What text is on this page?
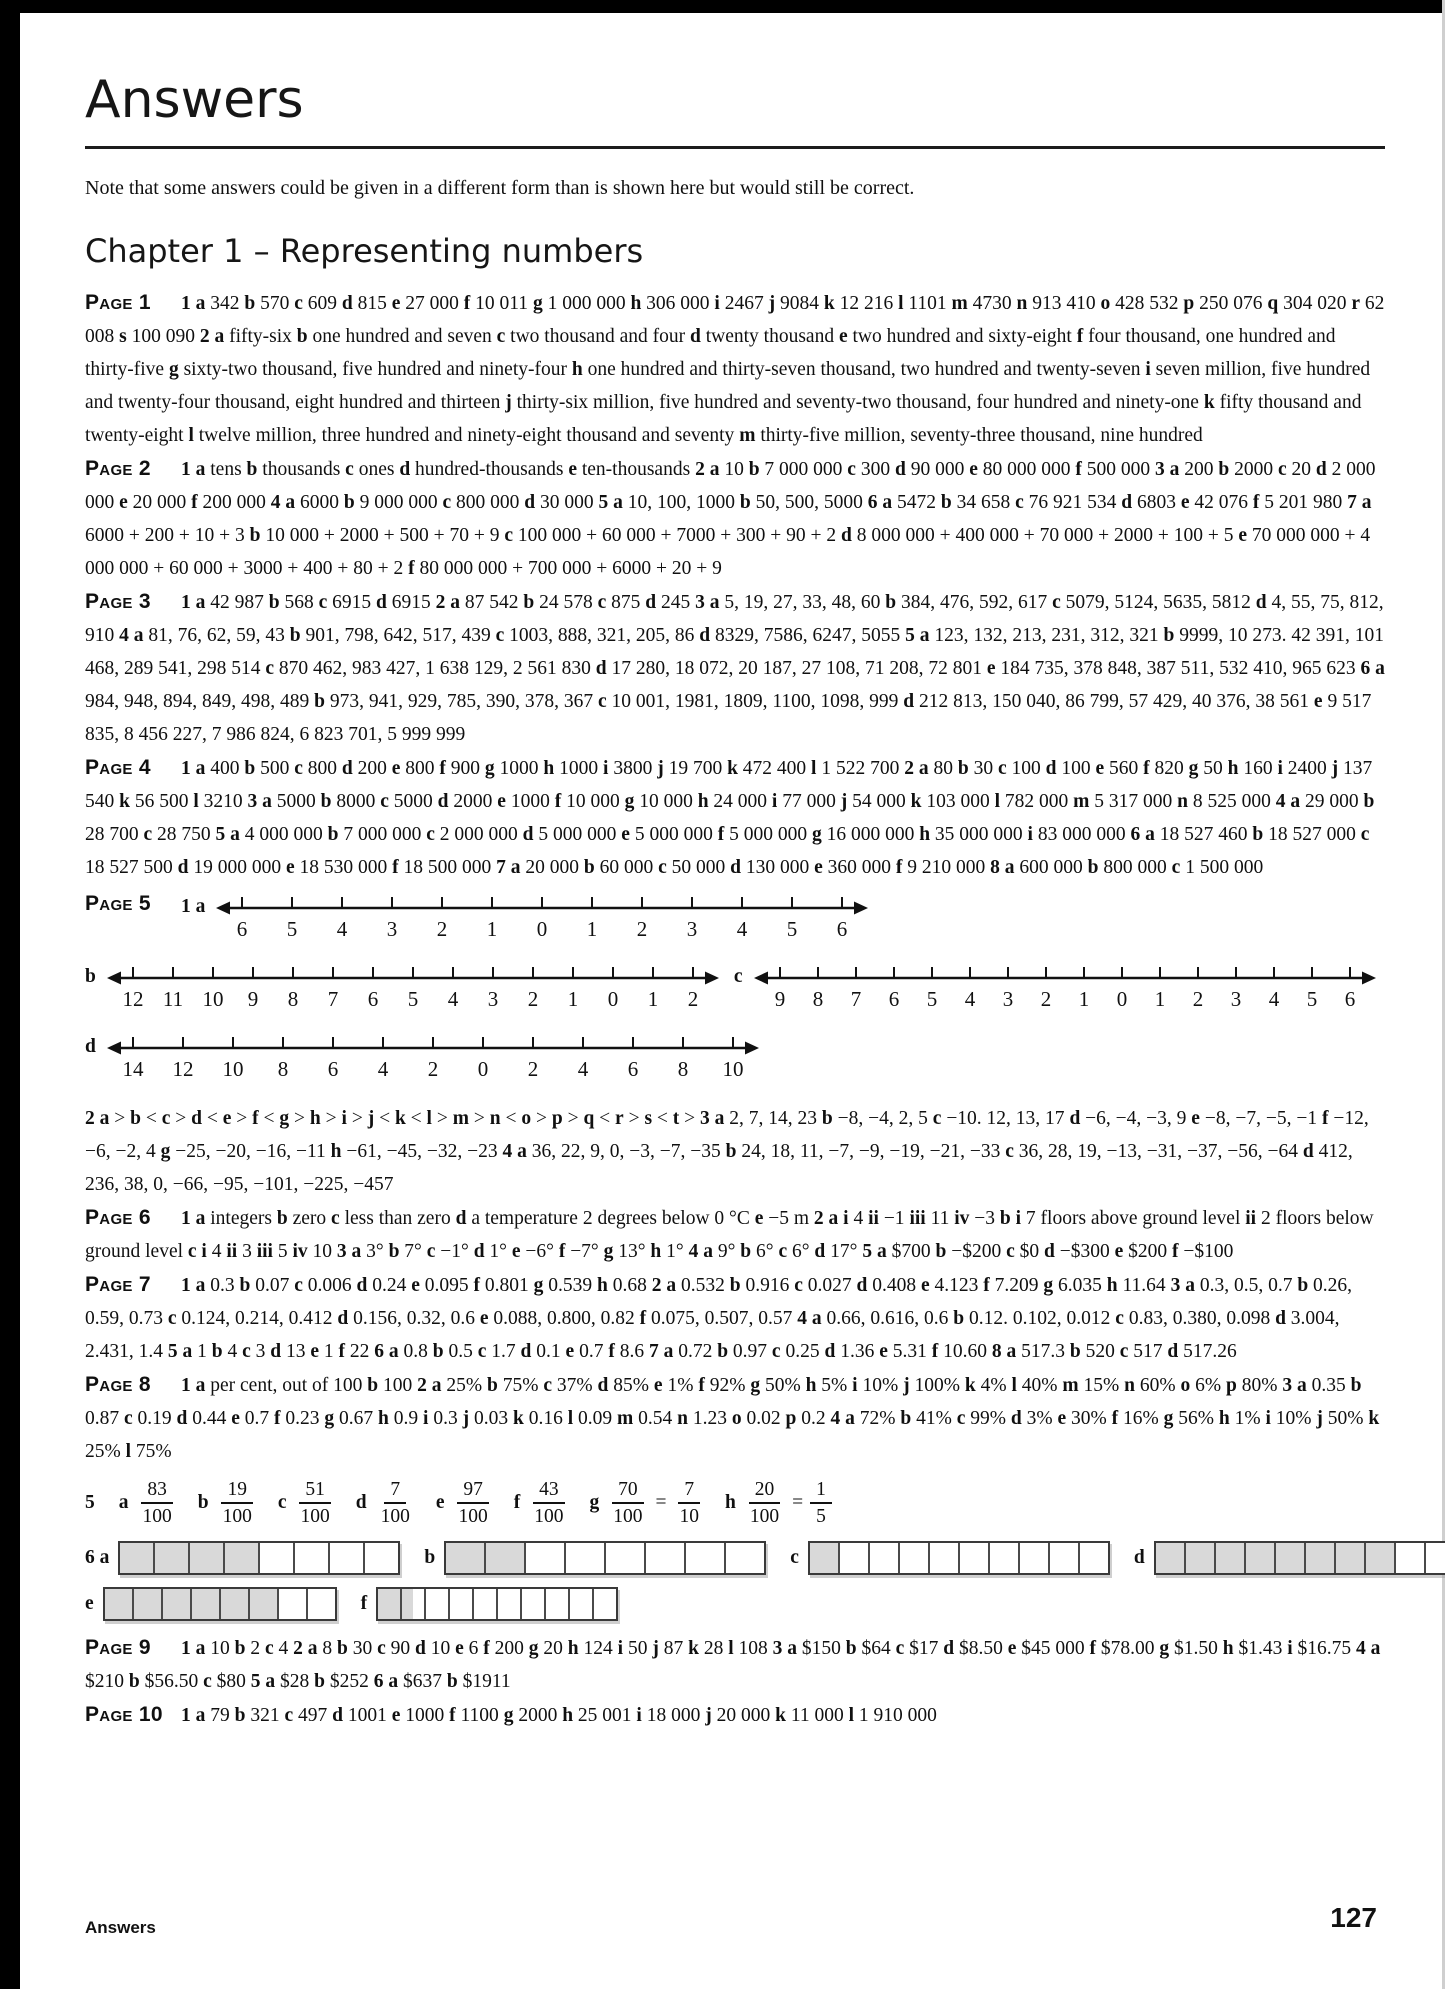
Answers

Note that some answers could be given in a different form than is shown here but would still be correct.

Chapter 1 – Representing numbers

Page 1 1 a 342 b 570 c 609 d 815 e 27 000 f 10 011 g 1 000 000 h 306 000 i 2467 j 9084 k 12 216 l 1101 m 4730 n 913 410 o 428 532 p 250 076 q 304 020 r 62 008 s 100 090 2 a fifty-six b one hundred and seven c two thousand and four d twenty thousand e two hundred and sixty-eight f four thousand, one hundred and thirty-five g sixty-two thousand, five hundred and ninety-four h one hundred and thirty-seven thousand, two hundred and twenty-seven i seven million, five hundred and twenty-four thousand, eight hundred and thirteen j thirty-six million, five hundred and seventy-two thousand, four hundred and ninety-one k fifty thousand and twenty-eight l twelve million, three hundred and ninety-eight thousand and seventy m thirty-five million, seventy-three thousand, nine hundred

Page 2 1 a tens b thousands c ones d hundred-thousands e ten-thousands 2 a 10 b 7 000 000 c 300 d 90 000 e 80 000 000 f 500 000 3 a 200 b 2000 c 20 d 2 000 000 e 20 000 f 200 000 4 a 6000 b 9 000 000 c 800 000 d 30 000 5 a 10, 100, 1000 b 50, 500, 5000 6 a 5472 b 34 658 c 76 921 534 d 6803 e 42 076 f 5 201 980 7 a 6000 + 200 + 10 + 3 b 10 000 + 2000 + 500 + 70 + 9 c 100 000 + 60 000 + 7000 + 300 + 90 + 2 d 8 000 000 + 400 000 + 70 000 + 2000 + 100 + 5 e 70 000 000 + 4 000 000 + 60 000 + 3000 + 400 + 80 + 2 f 80 000 000 + 700 000 + 6000 + 20 + 9

Page 3 1 a 42 987 b 568 c 6915 d 6915 2 a 87 542 b 24 578 c 875 d 245 3 a 5, 19, 27, 33, 48, 60 b 384, 476, 592, 617 c 5079, 5124, 5635, 5812 d 4, 55, 75, 812, 910 4 a 81, 76, 62, 59, 43 b 901, 798, 642, 517, 439 c 1003, 888, 321, 205, 86 d 8329, 7586, 6247, 5055 5 a 123, 132, 213, 231, 312, 321 b 9999, 10 273. 42 391, 101 468, 289 541, 298 514 c 870 462, 983 427, 1 638 129, 2 561 830 d 17 280, 18 072, 20 187, 27 108, 71 208, 72 801 e 184 735, 378 848, 387 511, 532 410, 965 623 6 a 984, 948, 894, 849, 498, 489 b 973, 941, 929, 785, 390, 378, 367 c 10 001, 1981, 1809, 1100, 1098, 999 d 212 813, 150 040, 86 799, 57 429, 40 376, 38 561 e 9 517 835, 8 456 227, 7 986 824, 6 823 701, 5 999 999

Page 4 1 a 400 b 500 c 800 d 200 e 800 f 900 g 1000 h 1000 i 3800 j 19 700 k 472 400 l 1 522 700 2 a 80 b 30 c 100 d 100 e 560 f 820 g 50 h 160 i 2400 j 137 540 k 56 500 l 3210 3 a 5000 b 8000 c 5000 d 2000 e 1000 f 10 000 g 10 000 h 24 000 i 77 000 j 54 000 k 103 000 l 782 000 m 5 317 000 n 8 525 000 4 a 29 000 b 28 700 c 28 750 5 a 4 000 000 b 7 000 000 c 2 000 000 d 5 000 000 e 5 000 000 f 5 000 000 g 16 000 000 h 35 000 000 i 83 000 000 6 a 18 527 460 b 18 527 000 c 18 527 500 d 19 000 000 e 18 530 000 f 18 500 000 7 a 20 000 b 60 000 c 50 000 d 130 000 e 360 000 f 9 210 000 8 a 600 000 b 800 000 c 1 500 000

Page 5	1 a
6 5 4 3 2 1 0 1 2 3 4 5 6
b
12 11 10 9 8 7 6 5 4 3 2 1 0 1 2
c
9 8 7 6 5 4 3 2 1 0 1 2 3 4 5 6
d
14 12 10 8 6 4 2 0 2 4 6 8 10

2 a > b < c > d < e > f < g > h > i > j < k < l > m > n < o > p > q < r > s < t > 3 a 2, 7, 14, 23 b −8, −4, 2, 5 c −10. 12, 13, 17 d −6, −4, −3, 9 e −8, −7, −5, −1 f −12, −6, −2, 4 g −25, −20, −16, −11 h −61, −45, −32, −23 4 a 36, 22, 9, 0, −3, −7, −35 b 24, 18, 11, −7, −9, −19, −21, −33 c 36, 28, 19, −13, −31, −37, −56, −64 d 412, 236, 38, 0, −66, −95, −101, −225, −457

Page 6 1 a integers b zero c less than zero d a temperature 2 degrees below 0 °C e −5 m 2 a i 4 ii −1 iii 11 iv −3 b i 7 floors above ground level ii 2 floors below ground level c i 4 ii 3 iii 5 iv 10 3 a 3° b 7° c −1° d 1° e −6° f −7° g 13° h 1° 4 a 9° b 6° c 6° d 17° 5 a $700 b −$200 c $0 d −$300 e $200 f −$100

Page 7 1 a 0.3 b 0.07 c 0.006 d 0.24 e 0.095 f 0.801 g 0.539 h 0.68 2 a 0.532 b 0.916 c 0.027 d 0.408 e 4.123 f 7.209 g 6.035 h 11.64 3 a 0.3, 0.5, 0.7 b 0.26, 0.59, 0.73 c 0.124, 0.214, 0.412 d 0.156, 0.32, 0.6 e 0.088, 0.800, 0.82 f 0.075, 0.507, 0.57 4 a 0.66, 0.616, 0.6 b 0.12. 0.102, 0.012 c 0.83, 0.380, 0.098 d 3.004, 2.431, 1.4 5 a 1 b 4 c 3 d 13 e 1 f 22 6 a 0.8 b 0.5 c 1.7 d 0.1 e 0.7 f 8.6 7 a 0.72 b 0.97 c 0.25 d 1.36 e 5.31 f 10.60 8 a 517.3 b 520 c 517 d 517.26

Page 8 1 a per cent, out of 100 b 100 2 a 25% b 75% c 37% d 85% e 1% f 92% g 50% h 5% i 10% j 100% k 4% l 40% m 15% n 60% o 6% p 80% 3 a 0.35 b 0.87 c 0.19 d 0.44 e 0.7 f 0.23 g 0.67 h 0.9 i 0.3 j 0.03 k 0.16 l 0.09 m 0.54 n 1.23 o 0.02 p 0.2 4 a 72% b 41% c 99% d 3% e 30% f 16% g 56% h 1% i 10% j 50% k 25% l 75%

5 a $\frac{83}{100}$ b $\frac{19}{100}$ c $\frac{51}{100}$ d $\frac{7}{100}$ e $\frac{97}{100}$ f $\frac{43}{100}$ g $\frac{70}{100} = \frac{7}{10}$ h $\frac{20}{100} = \frac{1}{5}$
6 a	b	c	d
e	f

Page 9 1 a 10 b 2 c 4 2 a 8 b 30 c 90 d 10 e 6 f 200 g 20 h 124 i 50 j 87 k 28 l 108 3 a $150 b $64 c $17 d $8.50 e $45 000 f $78.00 g $1.50 h $1.43 i $16.75 4 a $210 b $56.50 c $80 5 a $28 b $252 6 a $637 b $1911

Page 10 1 a 79 b 321 c 497 d 1001 e 1000 f 1100 g 2000 h 25 001 i 18 000 j 20 000 k 11 000 l 1 910 000

Answers	127
